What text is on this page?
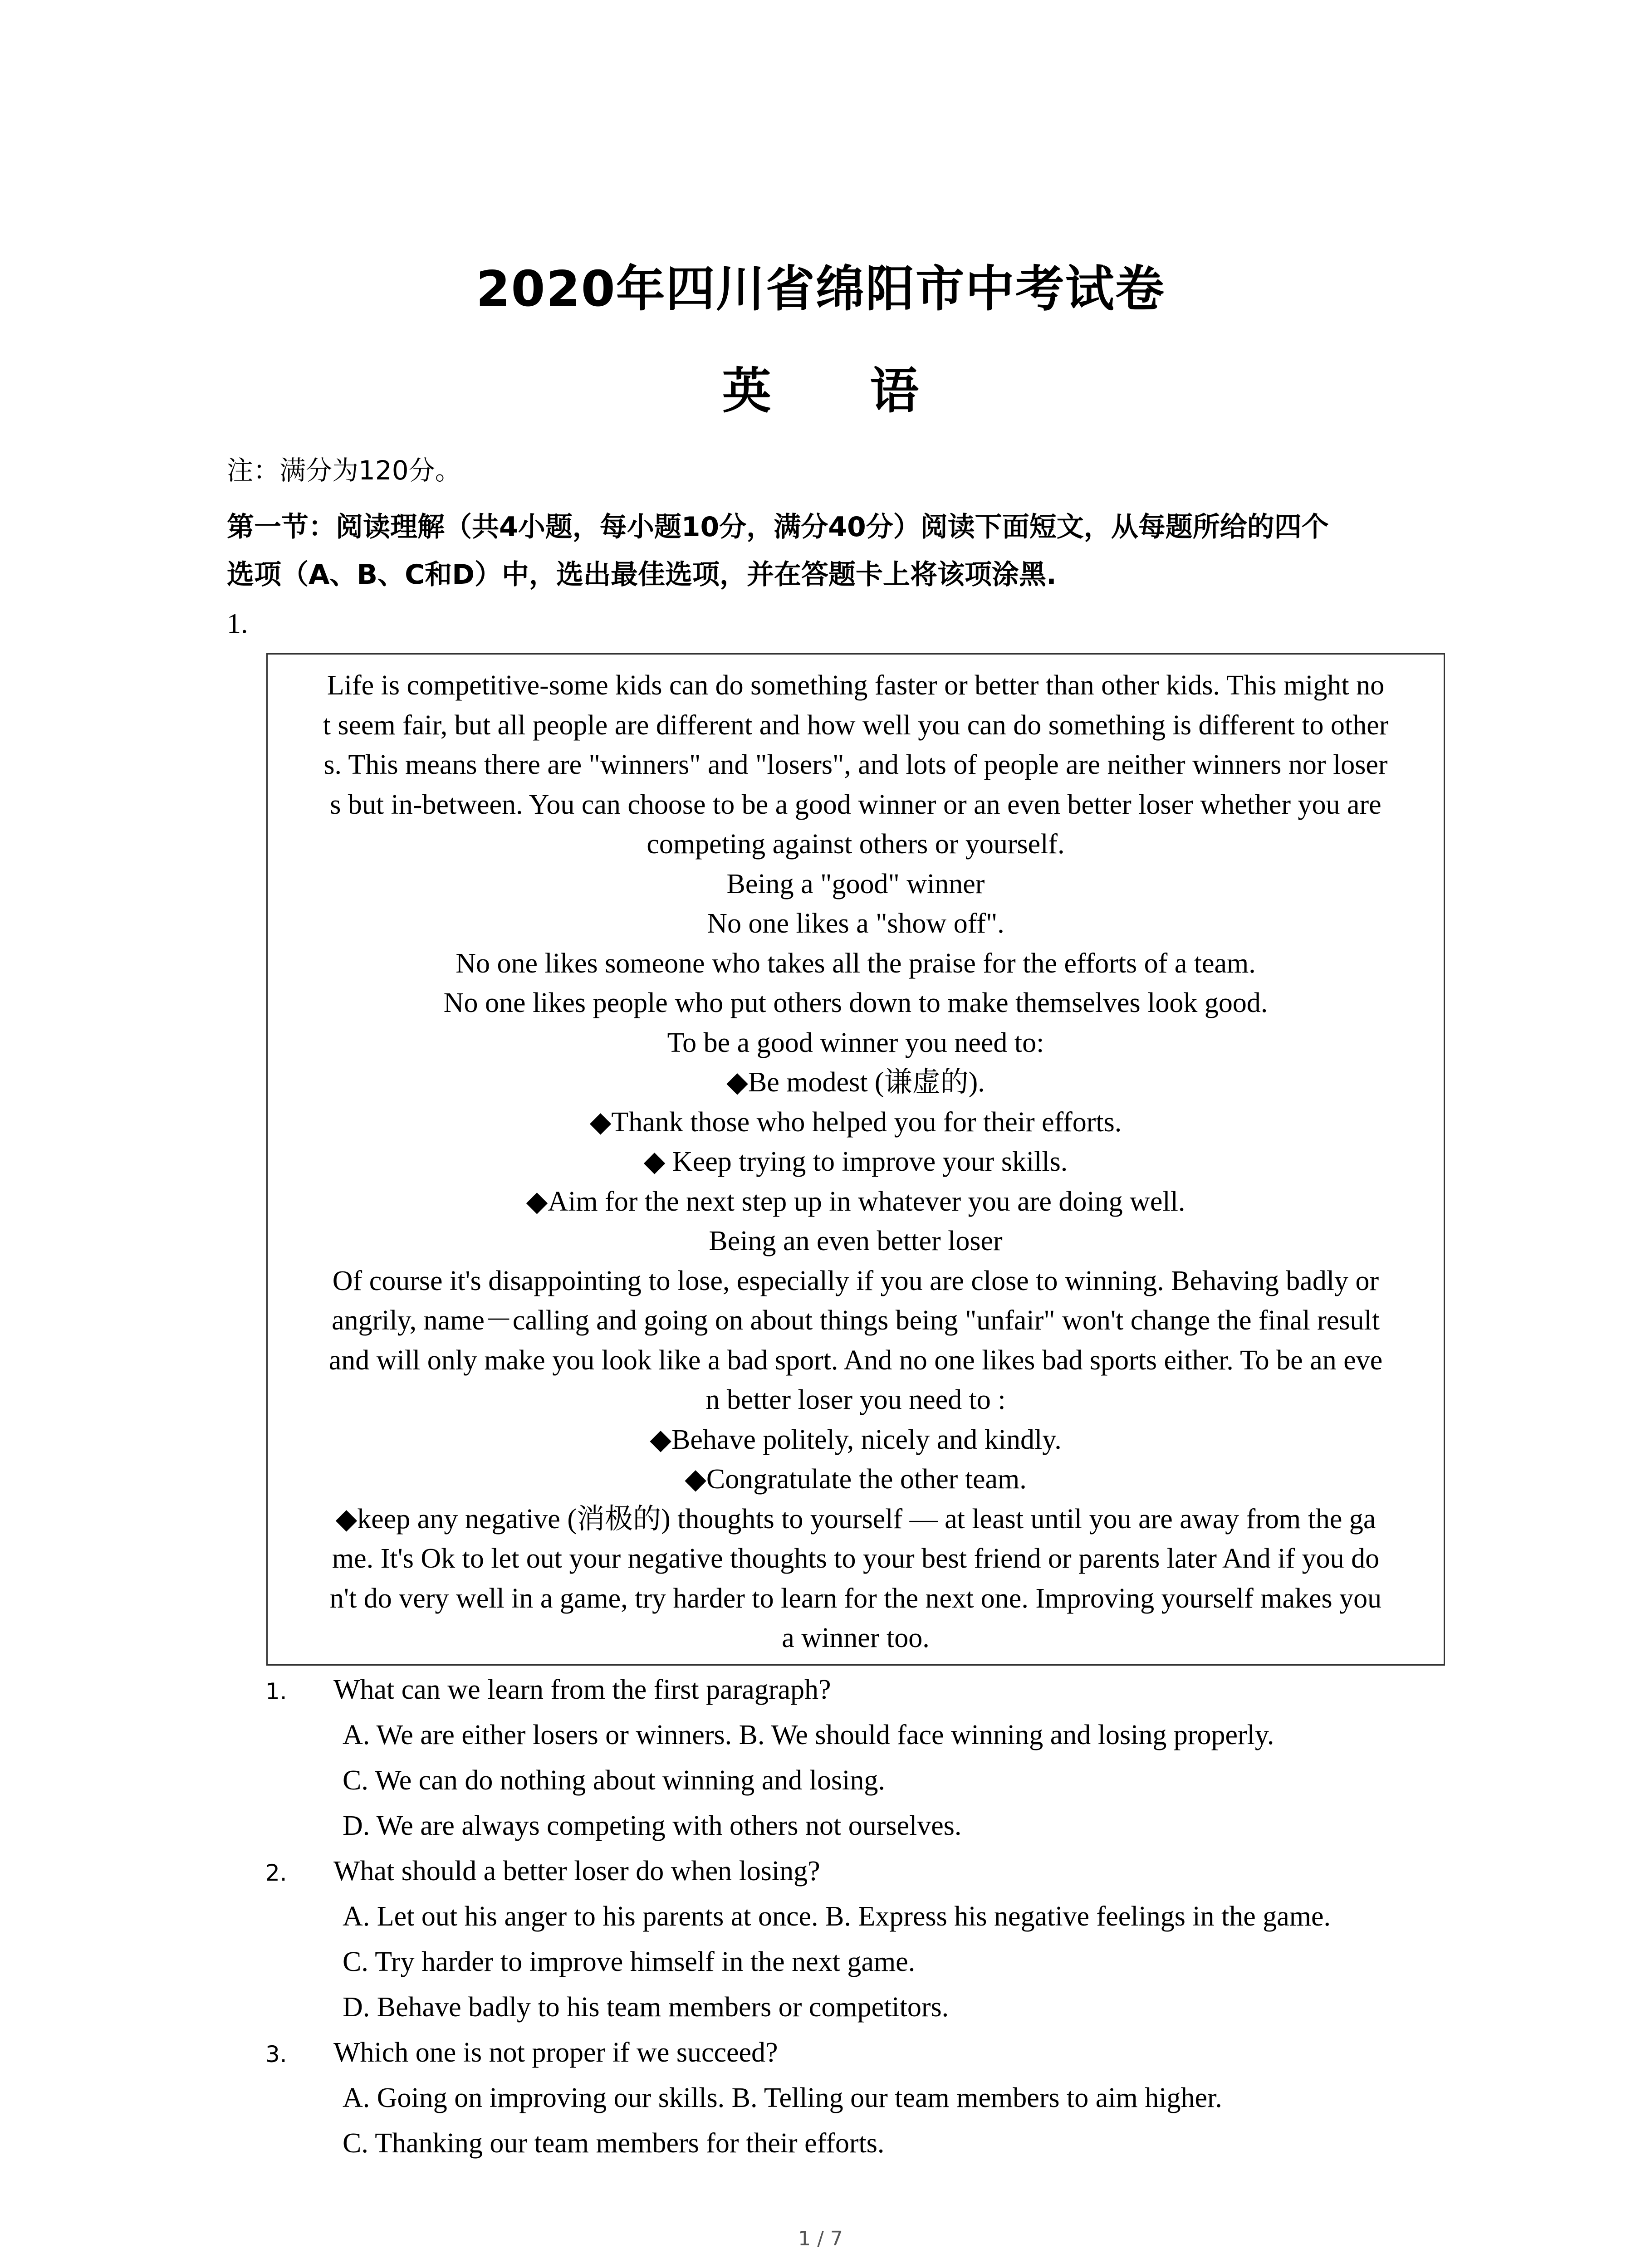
2020年四川省绵阳市中考试卷
英 语
注：满分为120分。
第一节：阅读理解（共4小题，每小题10分，满分40分）阅读下面短文，从每题所给的四个
选项（A、B、C和D）中，选出最佳选项，并在答题卡上将该项涂黑.
1.
Life is competitive-some kids can do something faster or better than other kids. This might no
t seem fair, but all people are different and how well you can do something is different to other
s. This means there are "winners" and "losers", and lots of people are neither winners nor loser
s but in-between. You can choose to be a good winner or an even better loser whether you are
competing against others or yourself.
Being a "good" winner
No one likes a "show off".
No one likes someone who takes all the praise for the efforts of a team.
No one likes people who put others down to make themselves look good.
To be a good winner you need to:
◆Be modest (谦虚的).
◆Thank those who helped you for their efforts.
◆ Keep trying to improve your skills.
◆Aim for the next step up in whatever you are doing well.
Being an even better loser
Of course it's disappointing to lose, especially if you are close to winning. Behaving badly or
angrily, name－calling and going on about things being "unfair" won't change the final result
and will only make you look like a bad sport. And no one likes bad sports either. To be an eve
n better loser you need to :
◆Behave politely, nicely and kindly.
◆Congratulate the other team.
◆keep any negative (消极的) thoughts to yourself — at least until you are away from the ga
me. It's Ok to let out your negative thoughts to your best friend or parents later And if you do
n't do very well in a game, try harder to learn for the next one. Improving yourself makes you
a winner too.
1. What can we learn from the first paragraph?
A. We are either losers or winners. B. We should face winning and losing properly.
C. We can do nothing about winning and losing.
D. We are always competing with others not ourselves.
2. What should a better loser do when losing?
A. Let out his anger to his parents at once. B. Express his negative feelings in the game.
C. Try harder to improve himself in the next game.
D. Behave badly to his team members or competitors.
3. Which one is not proper if we succeed?
A. Going on improving our skills. B. Telling our team members to aim higher.
C. Thanking our team members for their efforts.
1 / 7
